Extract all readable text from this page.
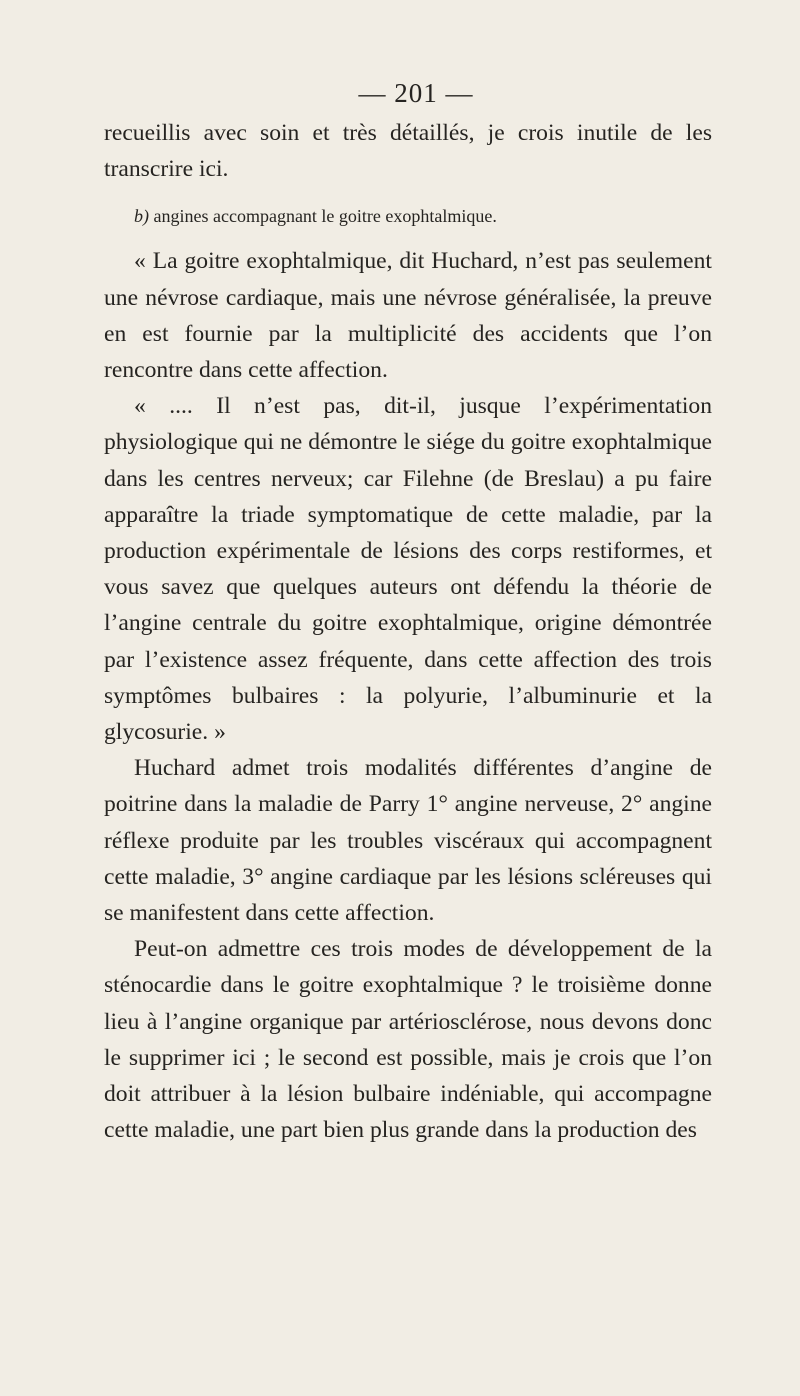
— 201 —

recueillis avec soin et très détaillés, je crois inutile de les transcrire ici.

b) angines accompagnant le goitre exophtalmique.

« La goitre exophtalmique, dit Huchard, n’est pas seulement une névrose cardiaque, mais une névrose généralisée, la preuve en est fournie par la multiplicité des accidents que l’on rencontre dans cette affection.

« .... Il n’est pas, dit-il, jusque l’expérimentation physiologique qui ne démontre le siége du goitre exophtalmique dans les centres nerveux; car Filehne (de Breslau) a pu faire apparaître la triade symptomatique de cette maladie, par la production expérimentale de lésions des corps restiformes, et vous savez que quelques auteurs ont défendu la théorie de l’angine centrale du goitre exophtalmique, origine démontrée par l’existence assez fréquente, dans cette affection des trois symptômes bulbaires : la polyurie, l’albuminurie et la glycosurie. »

Huchard admet trois modalités différentes d’angine de poitrine dans la maladie de Parry 1° angine nerveuse, 2° angine réflexe produite par les troubles viscéraux qui accompagnent cette maladie, 3° angine cardiaque par les lésions scléreuses qui se manifestent dans cette affection.

Peut-on admettre ces trois modes de développement de la sténocardie dans le goitre exophtalmique ? le troisième donne lieu à l’angine organique par artériosclérose, nous devons donc le supprimer ici ; le second est possible, mais je crois que l’on doit attribuer à la lésion bulbaire indéniable, qui accompagne cette maladie, une part bien plus grande dans la production des
